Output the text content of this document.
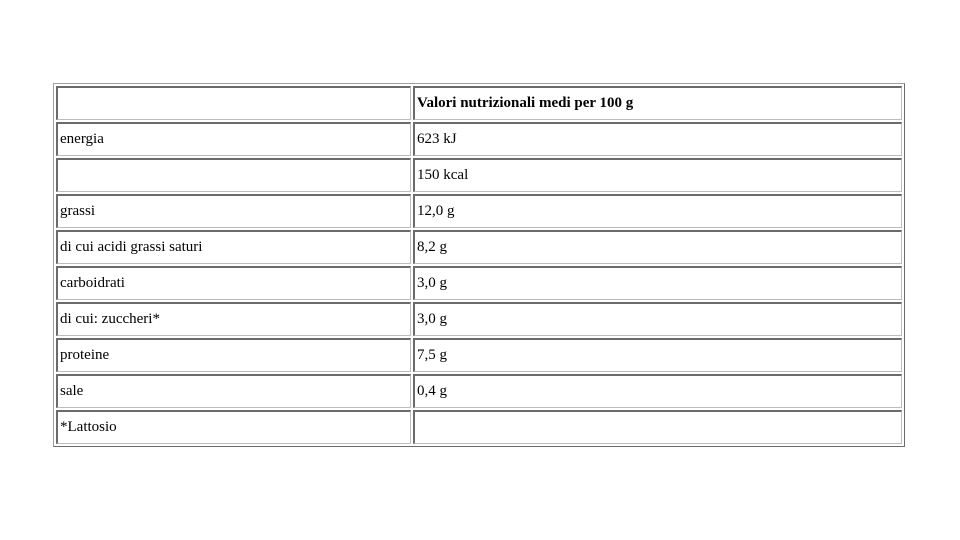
	Valori nutrizionali medi per 100 g
energia	623 kJ
	150 kcal
grassi	12,0 g
di cui acidi grassi saturi	8,2 g
carboidrati	3,0 g
di cui: zuccheri*	3,0 g
proteine	7,5 g
sale	0,4 g
*Lattosio	
